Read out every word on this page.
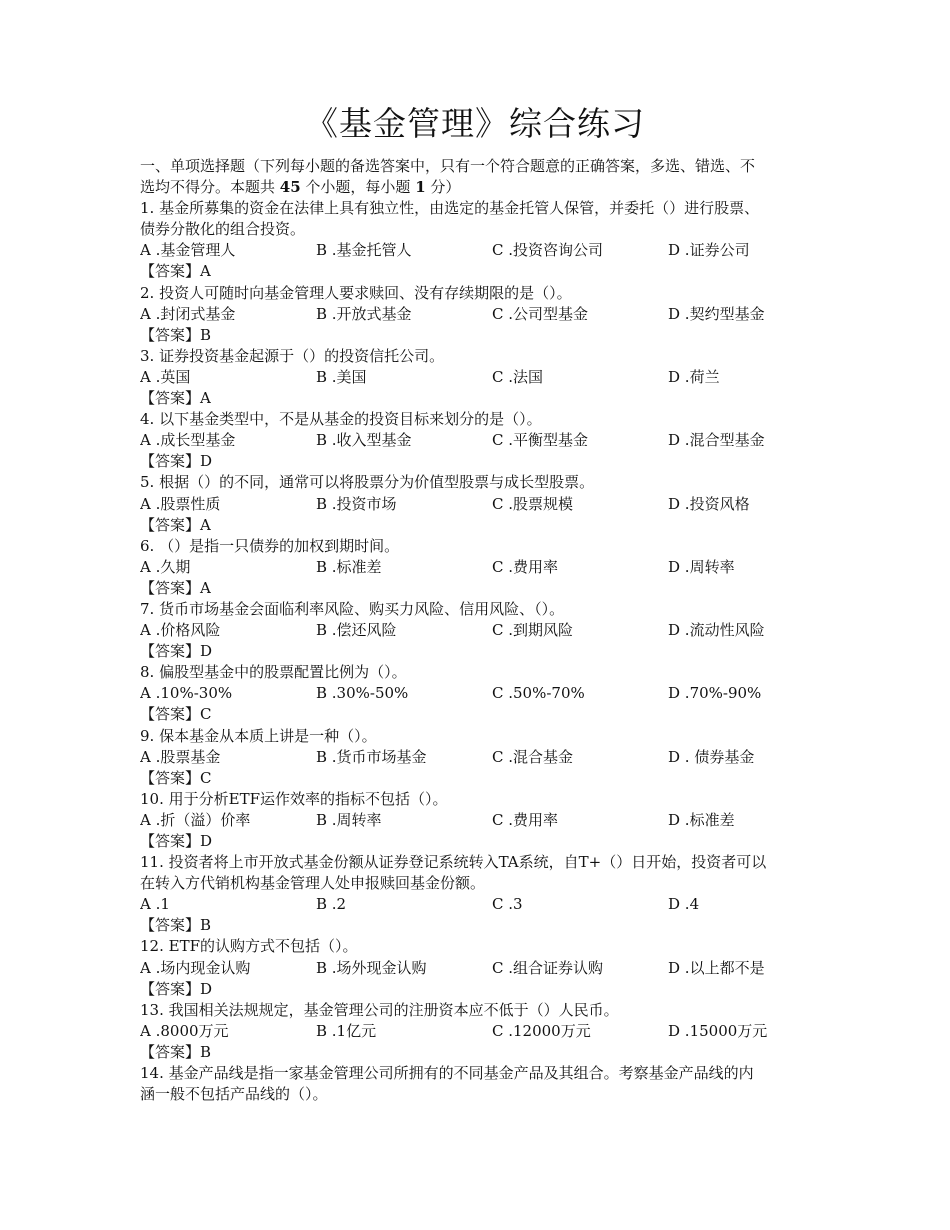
《基金管理》综合练习
一、单项选择题（下列每小题的备选答案中，只有一个符合题意的正确答案，多选、错选、不
选均不得分。本题共 45 个小题，每小题 1 分）
1. 基金所募集的资金在法律上具有独立性，由选定的基金托管人保管，并委托（）进行股票、
债券分散化的组合投资。
A .基金管理人	B .基金托管人	C .投资咨询公司	D .证券公司
【答案】A
2. 投资人可随时向基金管理人要求赎回、没有存续期限的是（）。
A .封闭式基金	B .开放式基金	C .公司型基金	D .契约型基金
【答案】B
3. 证券投资基金起源于（）的投资信托公司。
A .英国	B .美国	C .法国	D .荷兰
【答案】A
4. 以下基金类型中，不是从基金的投资目标来划分的是（）。
A .成长型基金	B .收入型基金	C .平衡型基金	D .混合型基金
【答案】D
5. 根据（）的不同，通常可以将股票分为价值型股票与成长型股票。
A .股票性质	B .投资市场	C .股票规模	D .投资风格
【答案】A
6. （）是指一只债券的加权到期时间。
A .久期	B .标准差	C .费用率	D .周转率
【答案】A
7. 货币市场基金会面临利率风险、购买力风险、信用风险、（）。
A .价格风险	B .偿还风险	C .到期风险	D .流动性风险
【答案】D
8. 偏股型基金中的股票配置比例为（）。
A .10%-30%	B .30%-50%	C .50%-70%	D .70%-90%
【答案】C
9. 保本基金从本质上讲是一种（）。
A .股票基金	B .货币市场基金	C .混合基金	D . 债券基金
【答案】C
10. 用于分析ETF运作效率的指标不包括（）。
A .折（溢）价率	B .周转率	C .费用率	D .标准差
【答案】D
11. 投资者将上市开放式基金份额从证券登记系统转入TA系统，自T+（）日开始，投资者可以
在转入方代销机构基金管理人处申报赎回基金份额。
A .1	B .2	C .3	D .4
【答案】B
12. ETF的认购方式不包括（）。
A .场内现金认购	B .场外现金认购	C .组合证券认购	D .以上都不是
【答案】D
13. 我国相关法规规定，基金管理公司的注册资本应不低于（）人民币。
A .8000万元	B .1亿元	C .12000万元	D .15000万元
【答案】B
14. 基金产品线是指一家基金管理公司所拥有的不同基金产品及其组合。考察基金产品线的内
涵一般不包括产品线的（）。
